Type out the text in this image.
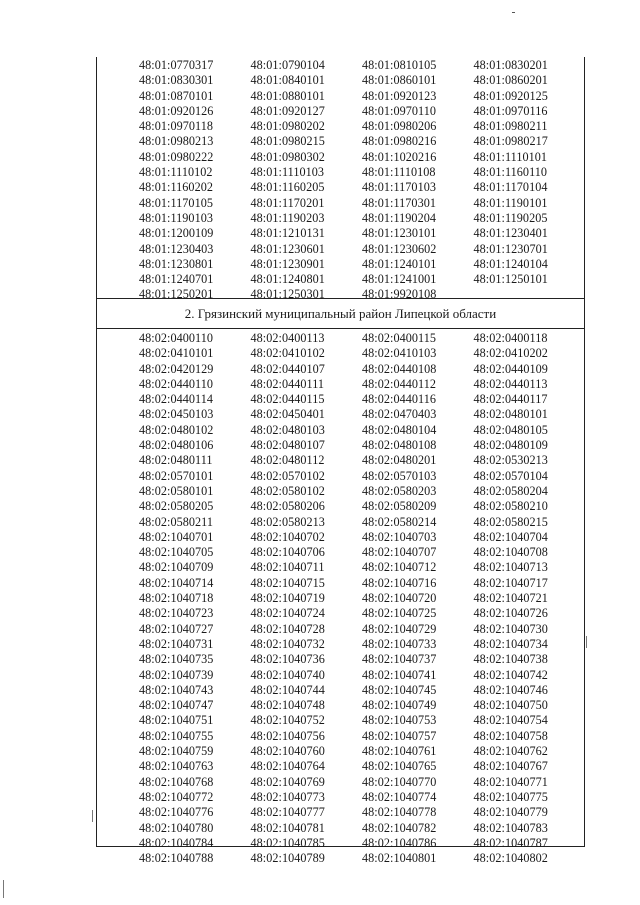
48:01:0770317	48:01:0790104	48:01:0810105	48:01:0830201
48:01:0830301	48:01:0840101	48:01:0860101	48:01:0860201
48:01:0870101	48:01:0880101	48:01:0920123	48:01:0920125
48:01:0920126	48:01:0920127	48:01:0970110	48:01:0970116
48:01:0970118	48:01:0980202	48:01:0980206	48:01:0980211
48:01:0980213	48:01:0980215	48:01:0980216	48:01:0980217
48:01:0980222	48:01:0980302	48:01:1020216	48:01:1110101
48:01:1110102	48:01:1110103	48:01:1110108	48:01:1160110
48:01:1160202	48:01:1160205	48:01:1170103	48:01:1170104
48:01:1170105	48:01:1170201	48:01:1170301	48:01:1190101
48:01:1190103	48:01:1190203	48:01:1190204	48:01:1190205
48:01:1200109	48:01:1210131	48:01:1230101	48:01:1230401
48:01:1230403	48:01:1230601	48:01:1230602	48:01:1230701
48:01:1230801	48:01:1230901	48:01:1240101	48:01:1240104
48:01:1240701	48:01:1240801	48:01:1241001	48:01:1250101
48:01:1250201	48:01:1250301	48:01:9920108
2. Грязинский муниципальный район Липецкой области
48:02:0400110	48:02:0400113	48:02:0400115	48:02:0400118
48:02:0410101	48:02:0410102	48:02:0410103	48:02:0410202
48:02:0420129	48:02:0440107	48:02:0440108	48:02:0440109
48:02:0440110	48:02:0440111	48:02:0440112	48:02:0440113
48:02:0440114	48:02:0440115	48:02:0440116	48:02:0440117
48:02:0450103	48:02:0450401	48:02:0470403	48:02:0480101
48:02:0480102	48:02:0480103	48:02:0480104	48:02:0480105
48:02:0480106	48:02:0480107	48:02:0480108	48:02:0480109
48:02:0480111	48:02:0480112	48:02:0480201	48:02:0530213
48:02:0570101	48:02:0570102	48:02:0570103	48:02:0570104
48:02:0580101	48:02:0580102	48:02:0580203	48:02:0580204
48:02:0580205	48:02:0580206	48:02:0580209	48:02:0580210
48:02:0580211	48:02:0580213	48:02:0580214	48:02:0580215
48:02:1040701	48:02:1040702	48:02:1040703	48:02:1040704
48:02:1040705	48:02:1040706	48:02:1040707	48:02:1040708
48:02:1040709	48:02:1040711	48:02:1040712	48:02:1040713
48:02:1040714	48:02:1040715	48:02:1040716	48:02:1040717
48:02:1040718	48:02:1040719	48:02:1040720	48:02:1040721
48:02:1040723	48:02:1040724	48:02:1040725	48:02:1040726
48:02:1040727	48:02:1040728	48:02:1040729	48:02:1040730
48:02:1040731	48:02:1040732	48:02:1040733	48:02:1040734
48:02:1040735	48:02:1040736	48:02:1040737	48:02:1040738
48:02:1040739	48:02:1040740	48:02:1040741	48:02:1040742
48:02:1040743	48:02:1040744	48:02:1040745	48:02:1040746
48:02:1040747	48:02:1040748	48:02:1040749	48:02:1040750
48:02:1040751	48:02:1040752	48:02:1040753	48:02:1040754
48:02:1040755	48:02:1040756	48:02:1040757	48:02:1040758
48:02:1040759	48:02:1040760	48:02:1040761	48:02:1040762
48:02:1040763	48:02:1040764	48:02:1040765	48:02:1040767
48:02:1040768	48:02:1040769	48:02:1040770	48:02:1040771
48:02:1040772	48:02:1040773	48:02:1040774	48:02:1040775
48:02:1040776	48:02:1040777	48:02:1040778	48:02:1040779
48:02:1040780	48:02:1040781	48:02:1040782	48:02:1040783
48:02:1040784	48:02:1040785	48:02:1040786	48:02:1040787
48:02:1040788	48:02:1040789	48:02:1040801	48:02:1040802
